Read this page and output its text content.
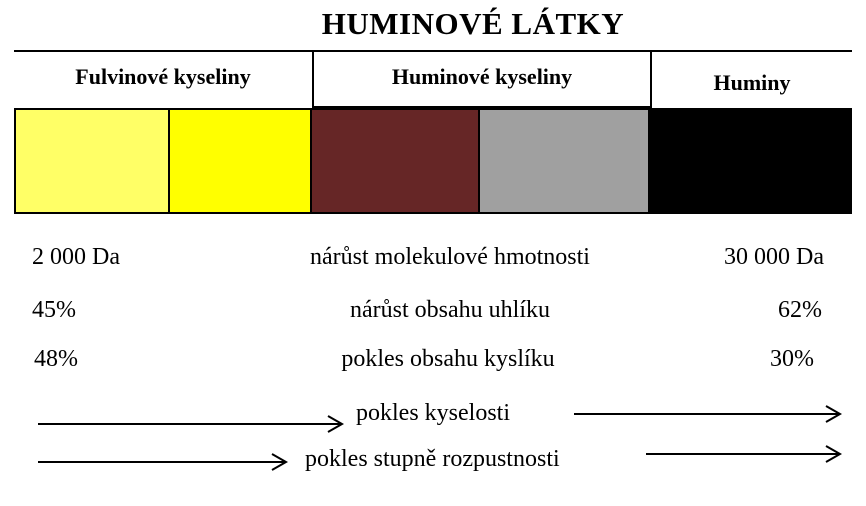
HUMINOVÉ LÁTKY
Fulvinové kyseliny	Huminové kyseliny	Huminy
2 000 Da	nárůst molekulové hmotnosti	30 000 Da
45%	nárůst obsahu uhlíku	62%
48%	pokles obsahu kyslíku	30%
pokles kyselosti
pokles stupně rozpustnosti
